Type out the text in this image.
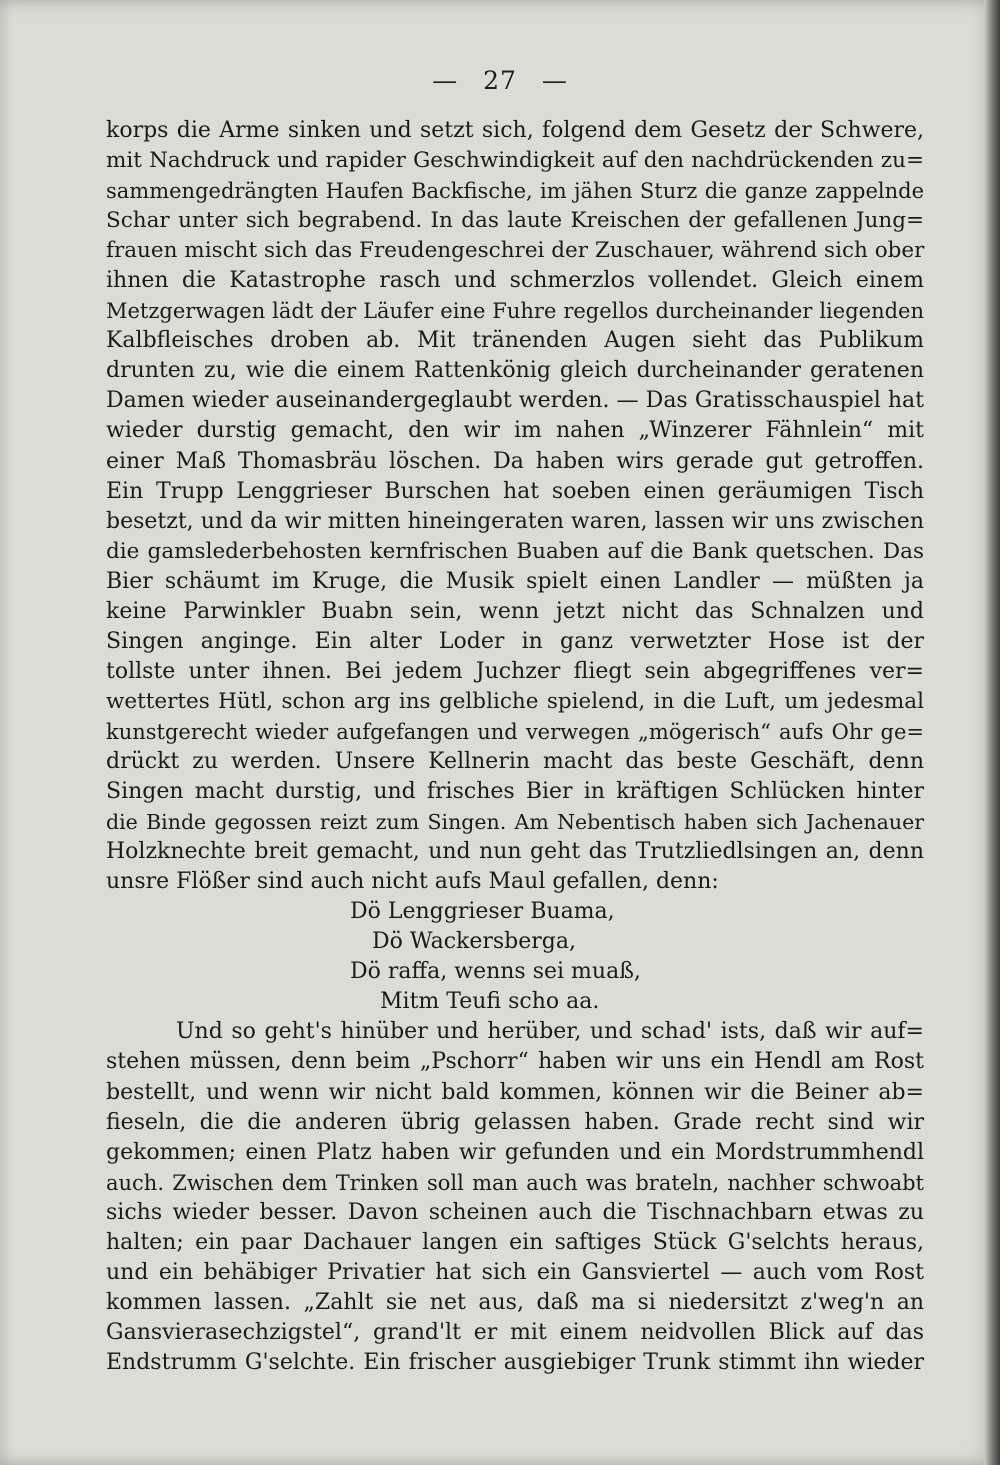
— 27 —
korps die Arme sinken und setzt sich, folgend dem Gesetz der Schwere,
mit Nachdruck und rapider Geschwindigkeit auf den nachdrückenden zu=
sammengedrängten Haufen Backfische, im jähen Sturz die ganze zappelnde
Schar unter sich begrabend. In das laute Kreischen der gefallenen Jung=
frauen mischt sich das Freudengeschrei der Zuschauer, während sich ober
ihnen die Katastrophe rasch und schmerzlos vollendet. Gleich einem
Metzgerwagen lädt der Läufer eine Fuhre regellos durcheinander liegenden
Kalbfleisches droben ab. Mit tränenden Augen sieht das Publikum
drunten zu, wie die einem Rattenkönig gleich durcheinander geratenen
Damen wieder auseinandergeglaubt werden. — Das Gratisschauspiel hat
wieder durstig gemacht, den wir im nahen „Winzerer Fähnlein“ mit
einer Maß Thomasbräu löschen. Da haben wirs gerade gut getroffen.
Ein Trupp Lenggrieser Burschen hat soeben einen geräumigen Tisch
besetzt, und da wir mitten hineingeraten waren, lassen wir uns zwischen
die gamslederbehosten kernfrischen Buaben auf die Bank quetschen. Das
Bier schäumt im Kruge, die Musik spielt einen Landler — müßten ja
keine Parwinkler Buabn sein, wenn jetzt nicht das Schnalzen und
Singen anginge. Ein alter Loder in ganz verwetzter Hose ist der
tollste unter ihnen. Bei jedem Juchzer fliegt sein abgegriffenes ver=
wettertes Hütl, schon arg ins gelbliche spielend, in die Luft, um jedesmal
kunstgerecht wieder aufgefangen und verwegen „mögerisch“ aufs Ohr ge=
drückt zu werden. Unsere Kellnerin macht das beste Geschäft, denn
Singen macht durstig, und frisches Bier in kräftigen Schlücken hinter
die Binde gegossen reizt zum Singen. Am Nebentisch haben sich Jachenauer
Holzknechte breit gemacht, und nun geht das Trutzliedlsingen an, denn
unsre Flößer sind auch nicht aufs Maul gefallen, denn:
Dö Lenggrieser Buama,
Dö Wackersberga,
Dö raffa, wenns sei muaß,
Mitm Teufi scho aa.
Und so geht's hinüber und herüber, und schad' ists, daß wir auf=
stehen müssen, denn beim „Pschorr“ haben wir uns ein Hendl am Rost
bestellt, und wenn wir nicht bald kommen, können wir die Beiner ab=
fieseln, die die anderen übrig gelassen haben. Grade recht sind wir
gekommen; einen Platz haben wir gefunden und ein Mordstrummhendl
auch. Zwischen dem Trinken soll man auch was brateln, nachher schwoabt
sichs wieder besser. Davon scheinen auch die Tischnachbarn etwas zu
halten; ein paar Dachauer langen ein saftiges Stück G'selchts heraus,
und ein behäbiger Privatier hat sich ein Gansviertel — auch vom Rost
kommen lassen. „Zahlt sie net aus, daß ma si niedersitzt z'weg'n an
Gansvierasechzigstel“, grand'lt er mit einem neidvollen Blick auf das
Endstrumm G'selchte. Ein frischer ausgiebiger Trunk stimmt ihn wieder
